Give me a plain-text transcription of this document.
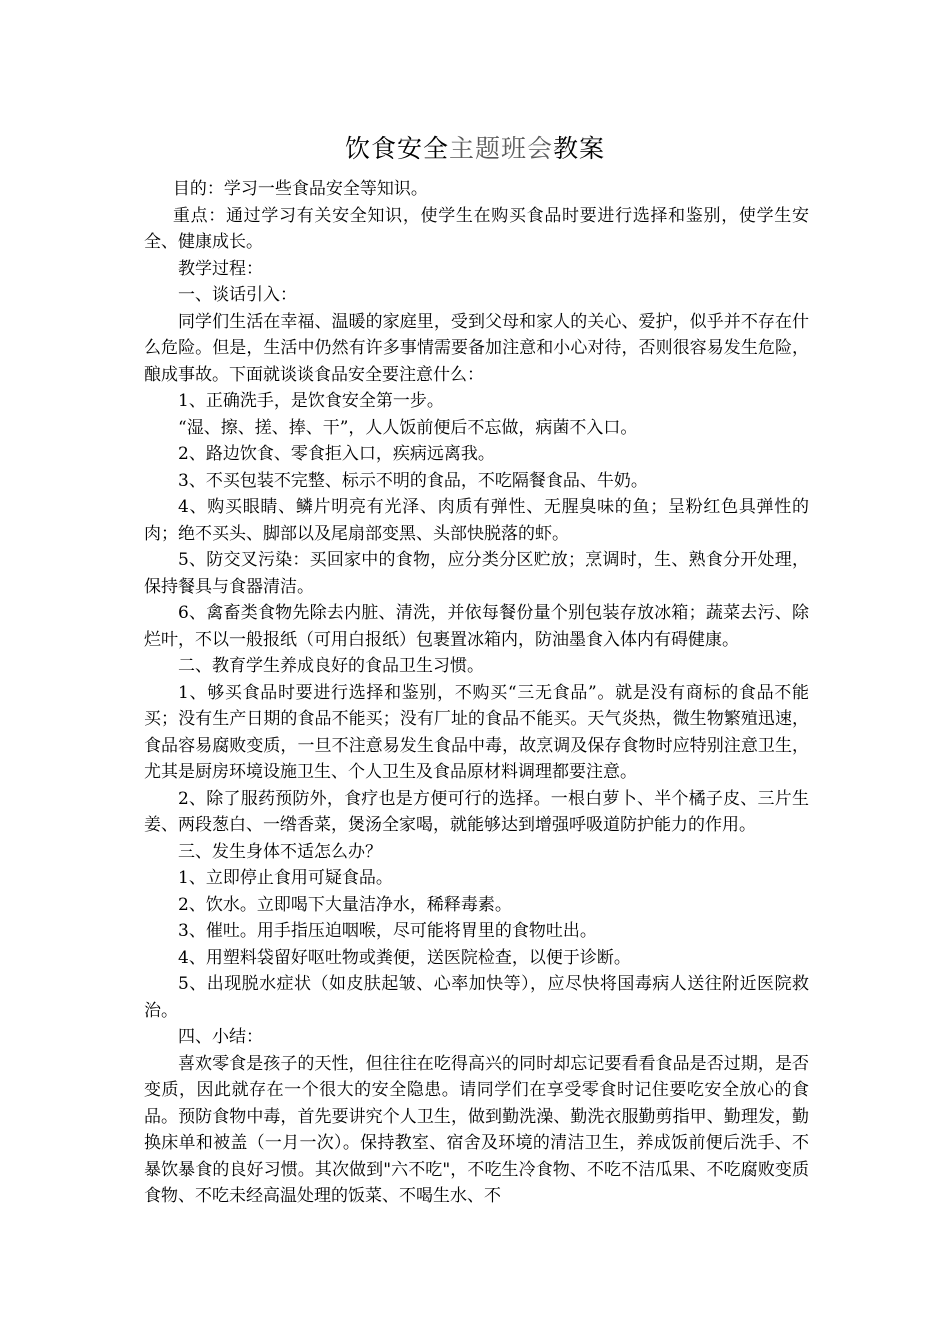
饮食安全主题班会教案

目的：学习一些食品安全等知识。

重点：通过学习有关安全知识，使学生在购买食品时要进行选择和鉴别，使学生安全、健康成长。

教学过程：

一、谈话引入：

同学们生活在幸福、温暖的家庭里，受到父母和家人的关心、爱护，似乎并不存在什么危险。但是，生活中仍然有许多事情需要备加注意和小心对待，否则很容易发生危险，酿成事故。下面就谈谈食品安全要注意什么：

1、正确洗手，是饮食安全第一步。

“湿、擦、搓、捧、干”，人人饭前便后不忘做，病菌不入口。

2、路边饮食、零食拒入口，疾病远离我。

3、不买包装不完整、标示不明的食品，不吃隔餐食品、牛奶。

4、购买眼睛、鳞片明亮有光泽、肉质有弹性、无腥臭味的鱼；呈粉红色具弹性的肉；绝不买头、脚部以及尾扇部变黑、头部快脱落的虾。

5、防交叉污染：买回家中的食物，应分类分区贮放；烹调时，生、熟食分开处理，保持餐具与食器清洁。

6、禽畜类食物先除去内脏、清洗，并依每餐份量个别包装存放冰箱；蔬菜去污、除烂叶，不以一般报纸（可用白报纸）包裹置冰箱内，防油墨食入体内有碍健康。

二、教育学生养成良好的食品卫生习惯。

1、够买食品时要进行选择和鉴别，不购买“三无食品”。就是没有商标的食品不能买；没有生产日期的食品不能买；没有厂址的食品不能买。天气炎热，微生物繁殖迅速，食品容易腐败变质，一旦不注意易发生食品中毒，故烹调及保存食物时应特别注意卫生，尤其是厨房环境设施卫生、个人卫生及食品原材料调理都要注意。

2、除了服药预防外，食疗也是方便可行的选择。一根白萝卜、半个橘子皮、三片生姜、两段葱白、一绺香菜，煲汤全家喝，就能够达到增强呼吸道防护能力的作用。

三、发生身体不适怎么办？

1、立即停止食用可疑食品。

2、饮水。立即喝下大量洁净水，稀释毒素。

3、催吐。用手指压迫咽喉，尽可能将胃里的食物吐出。

4、用塑料袋留好呕吐物或粪便，送医院检查，以便于诊断。

5、出现脱水症状（如皮肤起皱、心率加快等），应尽快将国毒病人送往附近医院救治。

四、小结：

喜欢零食是孩子的天性，但往往在吃得高兴的同时却忘记要看看食品是否过期，是否变质，因此就存在一个很大的安全隐患。请同学们在享受零食时记住要吃安全放心的食品。预防食物中毒，首先要讲究个人卫生，做到勤洗澡、勤洗衣服勤剪指甲、勤理发，勤换床单和被盖（一月一次）。保持教室、宿舍及环境的清洁卫生，养成饭前便后洗手、不暴饮暴食的良好习惯。其次做到"六不吃"，不吃生冷食物、不吃不洁瓜果、不吃腐败变质食物、不吃未经高温处理的饭菜、不喝生水、不
